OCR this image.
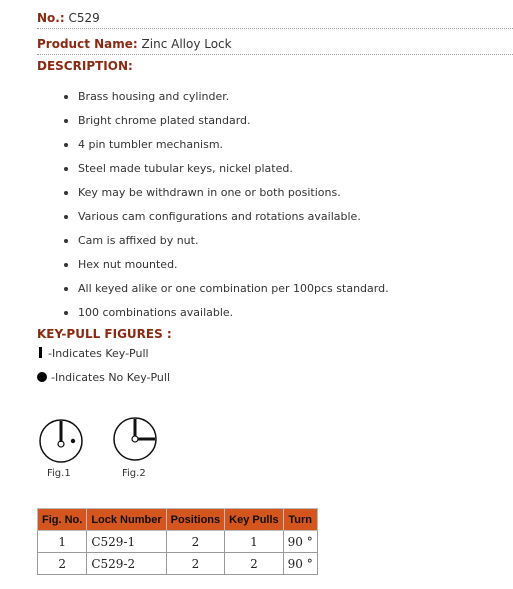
No.: C529
Product Name: Zinc Alloy Lock
DESCRIPTION:
Brass housing and cylinder.
Bright chrome plated standard.
4 pin tumbler mechanism.
Steel made tubular keys, nickel plated.
Key may be withdrawn in one or both positions.
Various cam configurations and rotations available.
Cam is affixed by nut.
Hex nut mounted.
All keyed alike or one combination per 100pcs standard.
100 combinations available.
KEY-PULL FIGURES :
-Indicates Key-Pull
-Indicates No Key-Pull
Fig.1	Fig.2
Fig. No.	Lock Number	Positions	Key Pulls	Turn
1	C529-1	2	1	90 °
2	C529-2	2	2	90 °
